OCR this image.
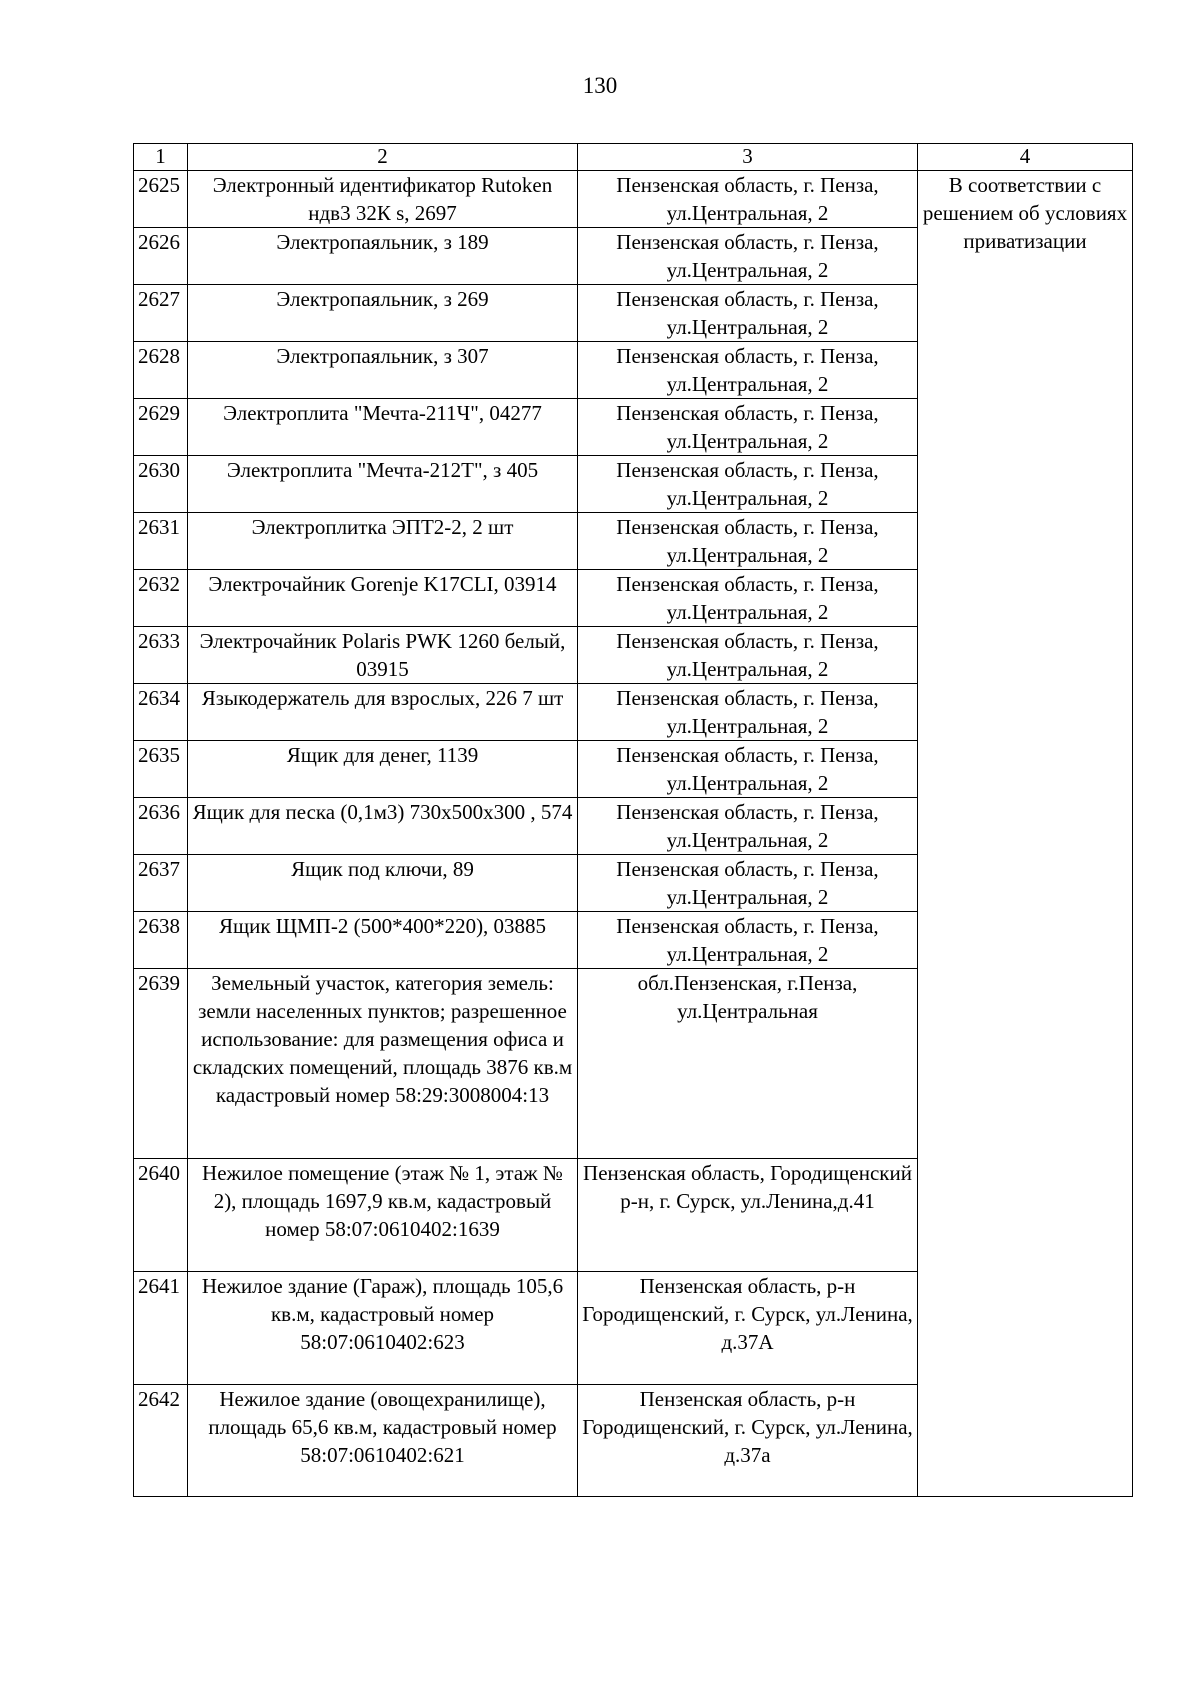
130
1	2	3	4
2625	Электронный идентификатор Rutoken ндв3 32К s, 2697	Пензенская область, г. Пенза, ул.Центральная, 2	В соответствии с решением об условиях приватизации
2626	Электропаяльник, з 189	Пензенская область, г. Пенза, ул.Центральная, 2	
2627	Электропаяльник, з 269	Пензенская область, г. Пенза, ул.Центральная, 2	
2628	Электропаяльник, з 307	Пензенская область, г. Пенза, ул.Центральная, 2	
2629	Электроплита "Мечта-211Ч", 04277	Пензенская область, г. Пенза, ул.Центральная, 2	
2630	Электроплита "Мечта-212Т", з 405	Пензенская область, г. Пенза, ул.Центральная, 2	
2631	Электроплитка ЭПТ2-2, 2 шт	Пензенская область, г. Пенза, ул.Центральная, 2	
2632	Электрочайник Gorenje K17CLI, 03914	Пензенская область, г. Пенза, ул.Центральная, 2	
2633	Электрочайник Polaris PWK 1260 белый, 03915	Пензенская область, г. Пенза, ул.Центральная, 2	
2634	Языкодержатель для взрослых, 226 7 шт	Пензенская область, г. Пенза, ул.Центральная, 2	
2635	Ящик для денег, 1139	Пензенская область, г. Пенза, ул.Центральная, 2	
2636	Ящик для песка (0,1м3) 730х500х300 , 574	Пензенская область, г. Пенза, ул.Центральная, 2	
2637	Ящик под ключи, 89	Пензенская область, г. Пенза, ул.Центральная, 2	
2638	Ящик ЩМП-2 (500*400*220), 03885	Пензенская область, г. Пенза, ул.Центральная, 2	
2639	Земельный участок, категория земель: земли населенных пунктов; разрешенное использование: для размещения офиса и складских помещений, площадь 3876 кв.м кадастровый номер 58:29:3008004:13	обл.Пензенская, г.Пенза, ул.Центральная	
2640	Нежилое помещение (этаж № 1, этаж № 2), площадь 1697,9 кв.м, кадастровый номер 58:07:0610402:1639	Пензенская область, Городищенский р-н, г. Сурск, ул.Ленина,д.41	
2641	Нежилое здание (Гараж), площадь 105,6 кв.м, кадастровый номер 58:07:0610402:623	Пензенская область, р-н Городищенский, г. Сурск, ул.Ленина, д.37А	
2642	Нежилое здание (овощехранилище), площадь 65,6 кв.м, кадастровый номер 58:07:0610402:621	Пензенская область, р-н Городищенский, г. Сурск, ул.Ленина, д.37а	
